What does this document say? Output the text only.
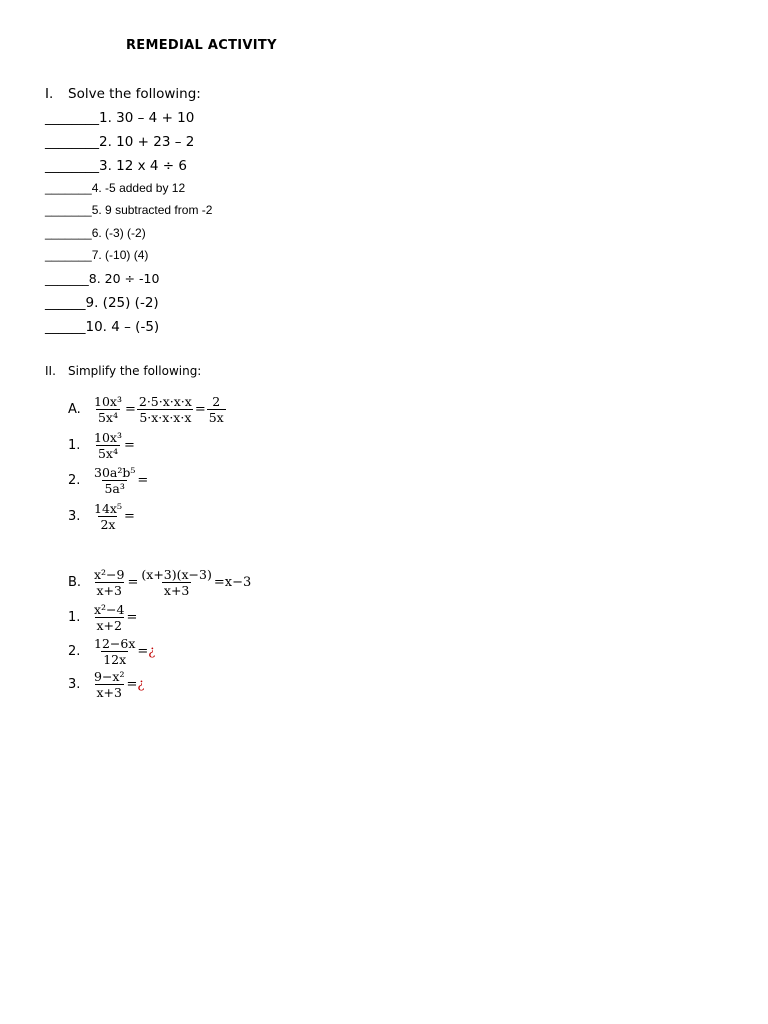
REMEDIAL ACTIVITY
I. Solve the following:
________1. 30 – 4 + 10
________2. 10 + 23 – 2
________3. 12 x 4 ÷ 6
_______4. -5 added by 12
_______5. 9 subtracted from -2
_______6. (-3) (-2)
_______7. (-10) (4)
_______8. 20 ÷ -10
______9. (25) (-2)
______10. 4 – (-5)
II. Simplify the following:
A. $\frac{\text{10x³}}{\text{5x⁴}} = \frac{2\cdot 5\cdot x\cdot x\cdot x}{5\cdot x\cdot x\cdot x\cdot x} = \frac{2}{5x}$
1. $\frac{\text{10x³}}{\text{5x⁴}}$ =
2. $\frac{\text{30a²b⁵}}{\text{5a³}}$ =
3. $\frac{\text{14x⁵}}{2x}$ =
B. $\frac{\text{x²−9}}{x+3} = \frac{(x+3)(x-3)}{x+3} =x-3$
1. $\frac{\text{x²−4}}{x+2}$ =
2. $\frac{12-6x}{12x}$ = ¿
3. $\frac{\text{9−x²}}{x+3}$ = ¿
